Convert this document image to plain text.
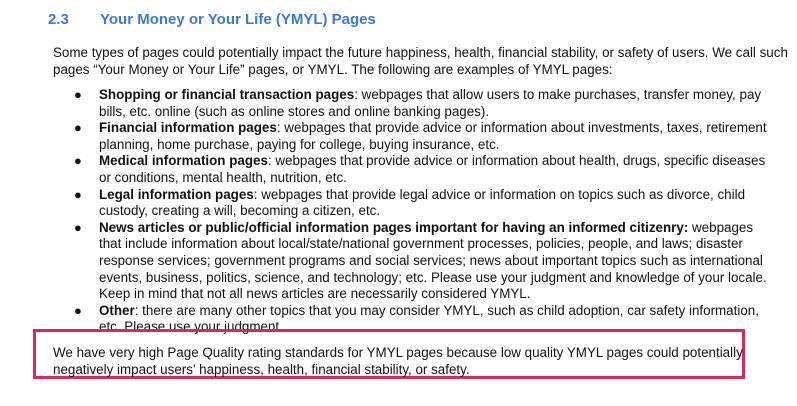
2.3 Your Money or Your Life (YMYL) Pages
Some types of pages could potentially impact the future happiness, health, financial stability, or safety of users. We call such pages “Your Money or Your Life” pages, or YMYL. The following are examples of YMYL pages:
● Shopping or financial transaction pages: webpages that allow users to make purchases, transfer money, pay bills, etc. online (such as online stores and online banking pages).
● Financial information pages: webpages that provide advice or information about investments, taxes, retirement planning, home purchase, paying for college, buying insurance, etc.
● Medical information pages: webpages that provide advice or information about health, drugs, specific diseases or conditions, mental health, nutrition, etc.
● Legal information pages: webpages that provide legal advice or information on topics such as divorce, child custody, creating a will, becoming a citizen, etc.
● News articles or public/official information pages important for having an informed citizenry: webpages that include information about local/state/national government processes, policies, people, and laws; disaster response services; government programs and social services; news about important topics such as international events, business, politics, science, and technology; etc. Please use your judgment and knowledge of your locale. Keep in mind that not all news articles are necessarily considered YMYL.
● Other: there are many other topics that you may consider YMYL, such as child adoption, car safety information, etc. Please use your judgment.
We have very high Page Quality rating standards for YMYL pages because low quality YMYL pages could potentially negatively impact users’ happiness, health, financial stability, or safety.
